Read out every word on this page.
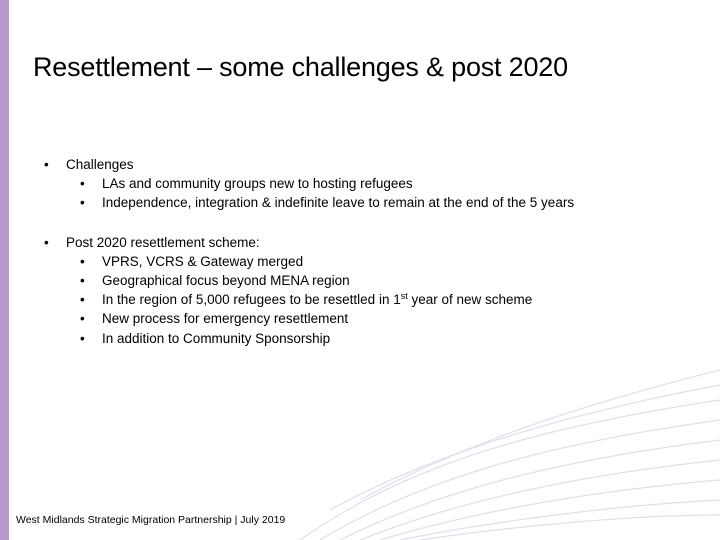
Resettlement – some challenges & post 2020
• Challenges
• LAs and community groups new to hosting refugees
• Independence, integration & indefinite leave to remain at the end of the 5 years
• Post 2020 resettlement scheme:
• VPRS, VCRS & Gateway merged
• Geographical focus beyond MENA region
• In the region of 5,000 refugees to be resettled in 1st year of new scheme
• New process for emergency resettlement
• In addition to Community Sponsorship
West Midlands Strategic Migration Partnership | July 2019
